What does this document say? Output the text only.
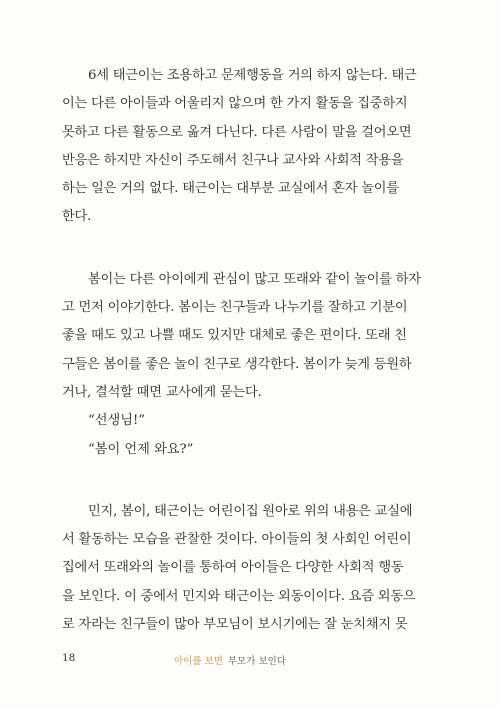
6세 태근이는 조용하고 문제행동을 거의 하지 않는다. 태근
이는 다른 아이들과 어울리지 않으며 한 가지 활동을 집중하지
못하고 다른 활동으로 옮겨 다닌다. 다른 사람이 말을 걸어오면
반응은 하지만 자신이 주도해서 친구나 교사와 사회적 작용을
하는 일은 거의 없다. 태근이는 대부분 교실에서 혼자 놀이를
한다.

봄이는 다른 아이에게 관심이 많고 또래와 같이 놀이를 하자
고 먼저 이야기한다. 봄이는 친구들과 나누기를 잘하고 기분이
좋을 때도 있고 나쁠 때도 있지만 대체로 좋은 편이다. 또래 친
구들은 봄이를 좋은 놀이 친구로 생각한다. 봄이가 늦게 등원하
거나, 결석할 때면 교사에게 묻는다.

“선생님!”
“봄이 언제 와요?”

민지, 봄이, 태근이는 어린이집 원아로 위의 내용은 교실에
서 활동하는 모습을 관찰한 것이다. 아이들의 첫 사회인 어린이
집에서 또래와의 놀이를 통하여 아이들은 다양한 사회적 행동
을 보인다. 이 중에서 민지와 태근이는 외동이이다. 요즘 외동으
로 자라는 친구들이 많아 부모님이 보시기에는 잘 눈치채지 못

18	아이를 보면 부모가 보인다
